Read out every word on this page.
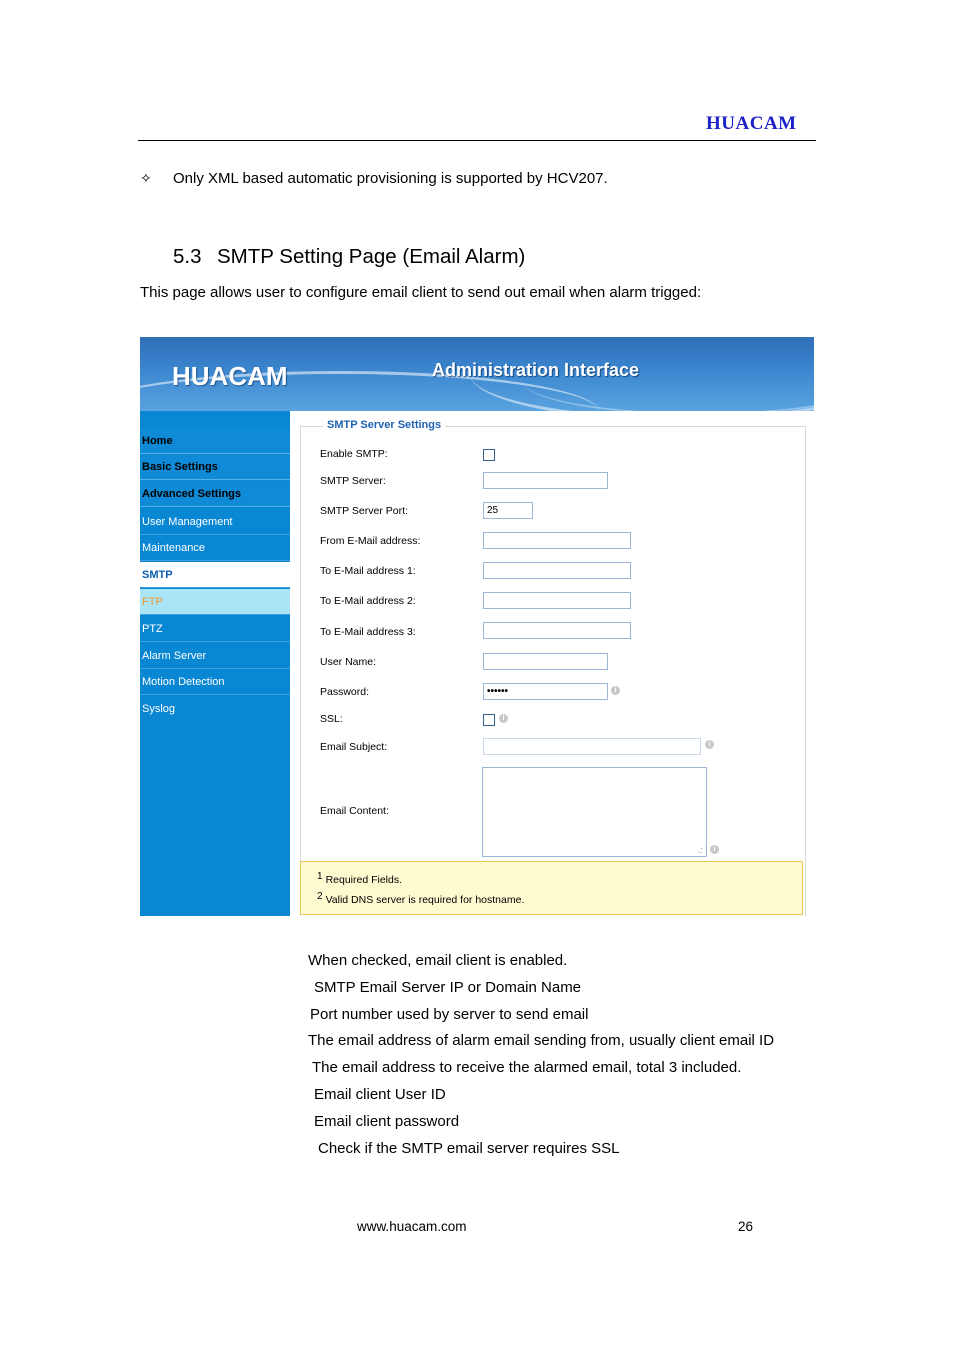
HUACAM
✧ Only XML based automatic provisioning is supported by HCV207.
5.3 SMTP Setting Page (Email Alarm)
This page allows user to configure email client to send out email when alarm trigged:
HUACAM	Administration Interface
Home
Basic Settings
Advanced Settings
User Management
Maintenance
SMTP
FTP
PTZ
Alarm Server
Motion Detection
Syslog
SMTP Server Settings
Enable SMTP:
SMTP Server:
SMTP Server Port:	25
From E-Mail address:
To E-Mail address 1:
To E-Mail address 2:
To E-Mail address 3:
User Name:
Password:	••••••	i
SSL:	i
Email Subject:	i
Email Content:
.:	i
$^1$ Required Fields.
$^2$ Valid DNS server is required for hostname.
When checked, email client is enabled.
SMTP Email Server IP or Domain Name
Port number used by server to send email
The email address of alarm email sending from, usually client email ID
The email address to receive the alarmed email, total 3 included.
Email client User ID
Email client password
Check if the SMTP email server requires SSL
www.huacam.com	26
